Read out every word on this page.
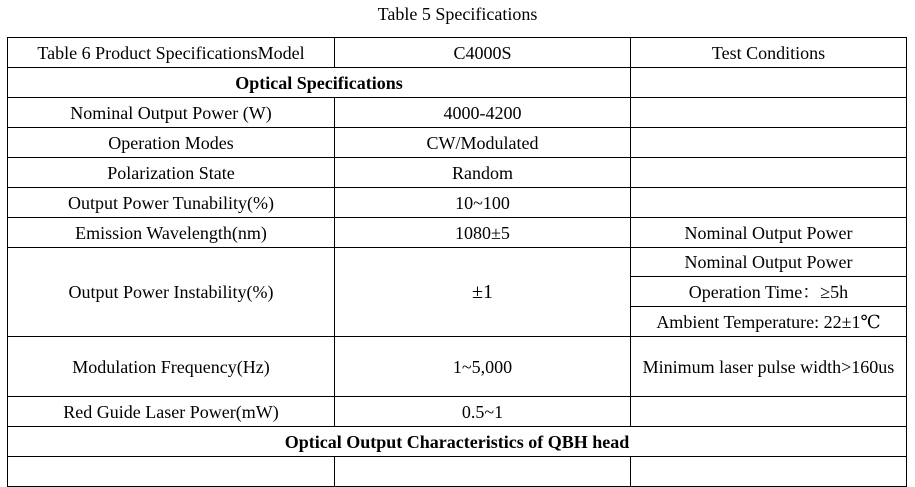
Table 5 Specifications
Table 6 Product SpecificationsModel	C4000S	Test Conditions
Optical Specifications		
Nominal Output Power (W)	4000-4200	
Operation Modes	CW/Modulated	
Polarization State	Random	
Output Power Tunability(%)	10~100	
Emission Wavelength(nm)	1080±5	Nominal Output Power
Output Power Instability(%)	±1	Nominal Output Power
		Operation Time：≥5h
		Ambient Temperature: 22±1℃
Modulation Frequency(Hz)	1~5,000	Minimum laser pulse width>160us
Red Guide Laser Power(mW)	0.5~1	
Optical Output Characteristics of QBH head		
